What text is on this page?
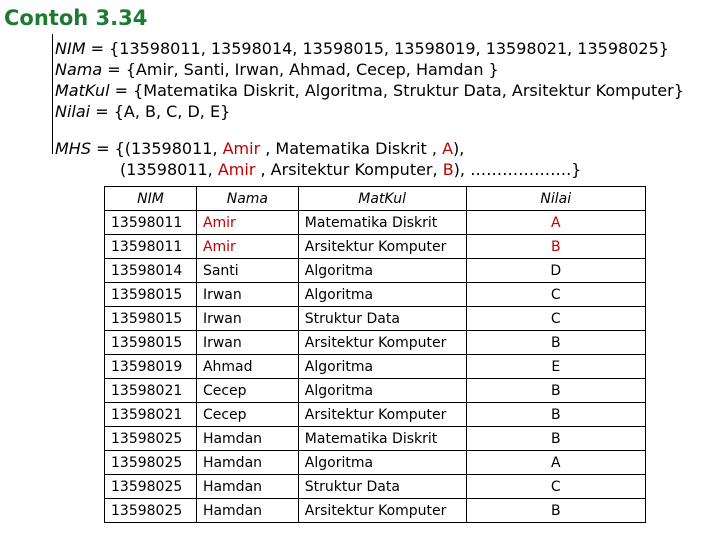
Contoh 3.34
NIM = {13598011, 13598014, 13598015, 13598019, 13598021, 13598025}
Nama = {Amir, Santi, Irwan, Ahmad, Cecep, Hamdan }
MatKul = {Matematika Diskrit, Algoritma, Struktur Data, Arsitektur Komputer}
Nilai = {A, B, C, D, E}
MHS = {(13598011, Amir , Matematika Diskrit , A),
(13598011, Amir , Arsitektur Komputer, B), ……………….}
NIM	Nama	MatKul	Nilai
13598011	Amir	Matematika Diskrit	A
13598011	Amir	Arsitektur Komputer	B
13598014	Santi	Algoritma	D
13598015	Irwan	Algoritma	C
13598015	Irwan	Struktur Data	C
13598015	Irwan	Arsitektur Komputer	B
13598019	Ahmad	Algoritma	E
13598021	Cecep	Algoritma	B
13598021	Cecep	Arsitektur Komputer	B
13598025	Hamdan	Matematika Diskrit	B
13598025	Hamdan	Algoritma	A
13598025	Hamdan	Struktur Data	C
13598025	Hamdan	Arsitektur Komputer	B
